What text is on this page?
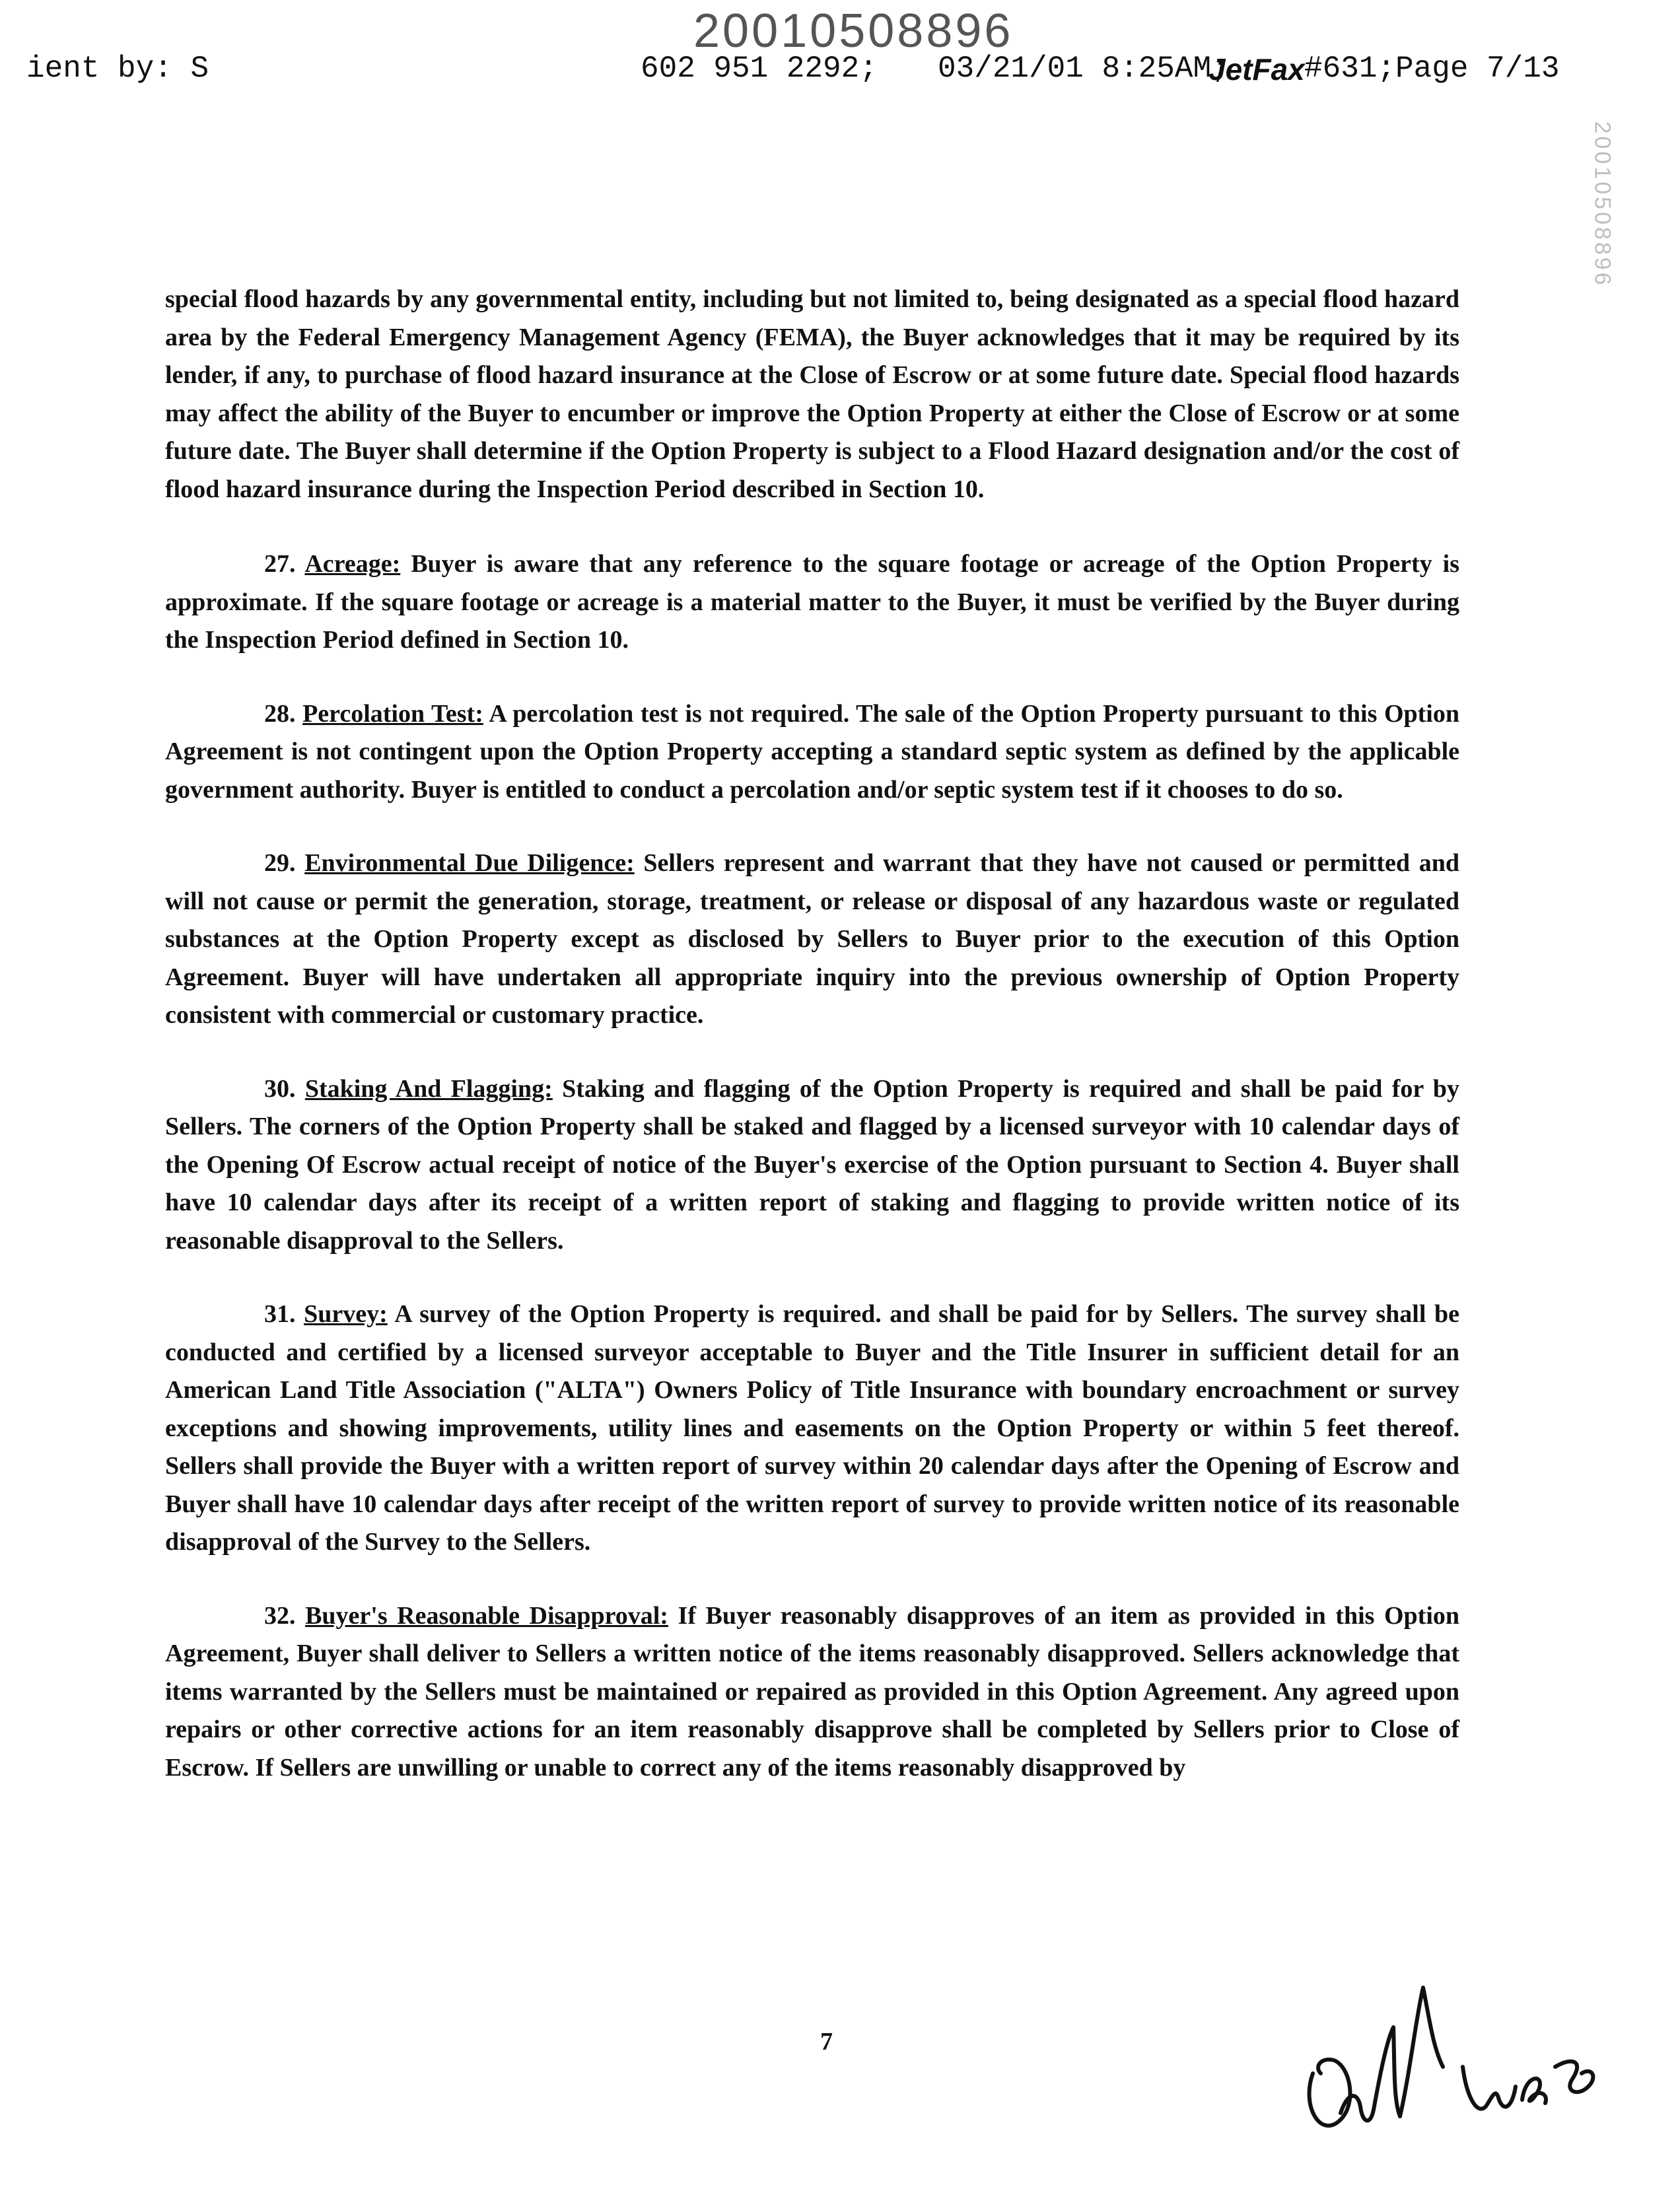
20010508896
ient by: S	602 951 2292; 03/21/01 8:25AM;
JetFax #631;Page 7/13
20010508896

special flood hazards by any governmental entity, including but not limited to, being designated as a special flood hazard area by the Federal Emergency Management Agency (FEMA), the Buyer acknowledges that it may be required by its lender, if any, to purchase of flood hazard insurance at the Close of Escrow or at some future date. Special flood hazards may affect the ability of the Buyer to encumber or improve the Option Property at either the Close of Escrow or at some future date. The Buyer shall determine if the Option Property is subject to a Flood Hazard designation and/or the cost of flood hazard insurance during the Inspection Period described in Section 10.

27. Acreage: Buyer is aware that any reference to the square footage or acreage of the Option Property is approximate. If the square footage or acreage is a material matter to the Buyer, it must be verified by the Buyer during the Inspection Period defined in Section 10.

28. Percolation Test: A percolation test is not required. The sale of the Option Property pursuant to this Option Agreement is not contingent upon the Option Property accepting a standard septic system as defined by the applicable government authority. Buyer is entitled to conduct a percolation and/or septic system test if it chooses to do so.

29. Environmental Due Diligence: Sellers represent and warrant that they have not caused or permitted and will not cause or permit the generation, storage, treatment, or release or disposal of any hazardous waste or regulated substances at the Option Property except as disclosed by Sellers to Buyer prior to the execution of this Option Agreement. Buyer will have undertaken all appropriate inquiry into the previous ownership of Option Property consistent with commercial or customary practice.

30. Staking And Flagging: Staking and flagging of the Option Property is required and shall be paid for by Sellers. The corners of the Option Property shall be staked and flagged by a licensed surveyor with 10 calendar days of the Opening Of Escrow actual receipt of notice of the Buyer's exercise of the Option pursuant to Section 4. Buyer shall have 10 calendar days after its receipt of a written report of staking and flagging to provide written notice of its reasonable disapproval to the Sellers.

31. Survey: A survey of the Option Property is required. and shall be paid for by Sellers. The survey shall be conducted and certified by a licensed surveyor acceptable to Buyer and the Title Insurer in sufficient detail for an American Land Title Association ("ALTA") Owners Policy of Title Insurance with boundary encroachment or survey exceptions and showing improvements, utility lines and easements on the Option Property or within 5 feet thereof. Sellers shall provide the Buyer with a written report of survey within 20 calendar days after the Opening of Escrow and Buyer shall have 10 calendar days after receipt of the written report of survey to provide written notice of its reasonable disapproval of the Survey to the Sellers.

32. Buyer's Reasonable Disapproval: If Buyer reasonably disapproves of an item as provided in this Option Agreement, Buyer shall deliver to Sellers a written notice of the items reasonably disapproved. Sellers acknowledge that items warranted by the Sellers must be maintained or repaired as provided in this Option Agreement. Any agreed upon repairs or other corrective actions for an item reasonably disapprove shall be completed by Sellers prior to Close of Escrow. If Sellers are unwilling or unable to correct any of the items reasonably disapproved by

7
